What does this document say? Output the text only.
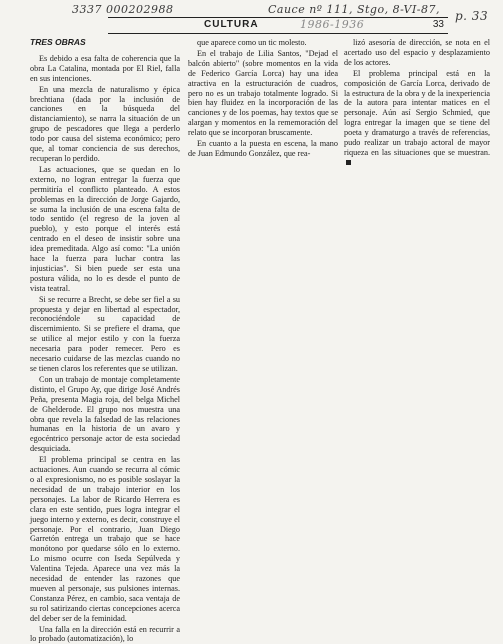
3337 000202988	Cauce nº 111, Stgo, 8-VI-87,
1986-1936
p. 33
CULTURA	33

TRES OBRAS

Es debido a esa falta de coherencia que la obra La Catalina, montada por El Riel, falla en sus intenciones.

En una mezcla de naturalismo y épica brechtiana (dada por la inclusión de canciones en la búsqueda del distanciamiento), se narra la situación de un grupo de pescadores que llega a perderlo todo por causa del sistema económico; pero que, al tomar conciencia de sus derechos, recuperan lo perdido.

Las actuaciones, que se quedan en lo externo, no logran entregar la fuerza que permitiría el conflicto planteado. A estos problemas en la dirección de Jorge Gajardo, se suma la inclusión de una escena falta de todo sentido (el regreso de la joven al pueblo), y esto porque el interés está centrado en el deseo de insistir sobre una idea premeditada. Algo así como: "La unión hace la fuerza para luchar contra las injusticias". Si bien puede ser esta una postura válida, no lo es desde el punto de vista teatral.

Si se recurre a Brecht, se debe ser fiel a su propuesta y dejar en libertad al espectador, reconociéndole su capacidad de discernimiento. Si se prefiere el drama, que se utilice al mejor estilo y con la fuerza necesaria para poder remecer. Pero es necesario cuidarse de las mezclas cuando no se tienen claros los referentes que se utilizan.

Con un trabajo de montaje completamente distinto, el Grupo Ay, que dirige José Andrés Peña, presenta Magia roja, del belga Michel de Ghelderode. El grupo nos muestra una obra que revela la falsedad de las relaciones humanas en la historia de un avaro y egocéntrico personaje actor de esta sociedad desquiciada.

El problema principal se centra en las actuaciones. Aun cuando se recurra al cómic o al expresionismo, no es posible soslayar la necesidad de un trabajo interior en los personajes. La labor de Ricardo Herrera es clara en este sentido, pues logra integrar el juego interno y externo, es decir, construye el personaje. Por el contrario, Juan Diego Garretón entrega un trabajo que se hace monótono por quedarse sólo en lo externo. Lo mismo ocurre con Iseda Sepúlveda y Valentina Tejeda. Aparece una vez más la necesidad de entender las razones que mueven al personaje, sus pulsiones internas. Constanza Pérez, en cambio, saca ventaja de su rol satirizando ciertas concepciones acerca del deber ser de la feminidad.

Una falla en la dirección está en recurrir a lo probado (automatización), lo

que aparece como un tic molesto.

En el trabajo de Lilia Santos, "Dejad el balcón abierto" (sobre momentos en la vida de Federico García Lorca) hay una idea atractiva en la estructuración de cuadros, pero no es un trabajo totalmente logrado. Si bien hay fluidez en la incorporación de las canciones y de los poemas, hay textos que se alargan y momentos en la rememoración del relato que se incorporan bruscamente.

En cuanto a la puesta en escena, la mano de Juan Edmundo González, que rea-

lizó asesoría de dirección, se nota en el acertado uso del espacio y desplazamiento de los actores.

El problema principal está en la composición de García Lorca, derivado de la estructura de la obra y de la inexperiencia de la autora para intentar matices en el personaje. Aún así Sergio Schmied, que logra entregar la imagen que se tiene del poeta y dramaturgo a través de referencias, pudo realizar un trabajo actoral de mayor riqueza en las situaciones que se muestran.
